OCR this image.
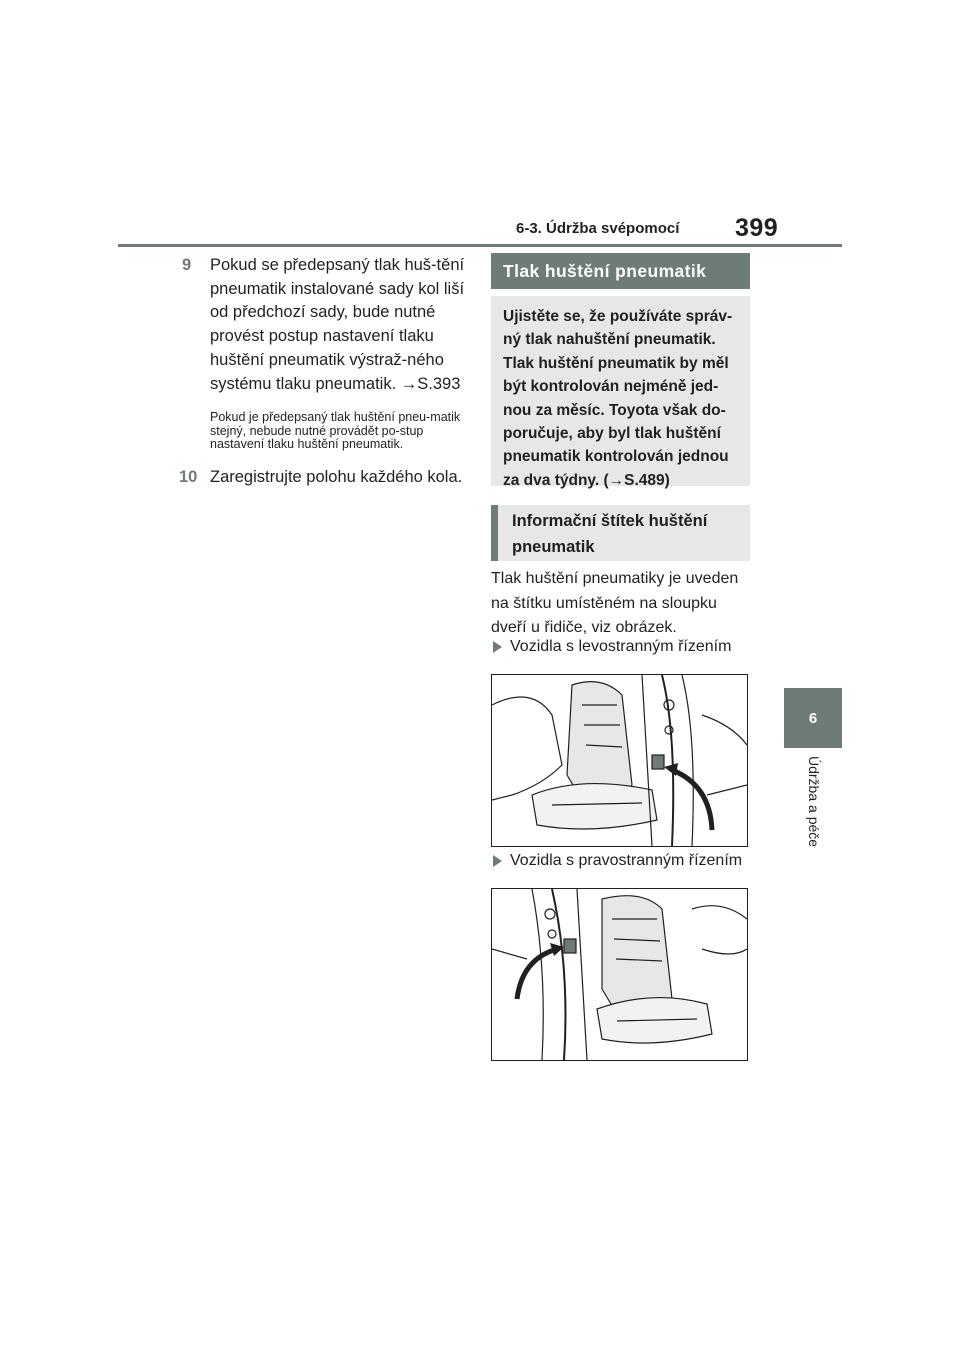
6-3. Údržba svépomocí 399
6
Údržba a péče
9 Pokud se předepsaný tlak huš-tění pneumatik instalované sady kol liší od předchozí sady, bude nutné provést postup nastavení tlaku huštění pneumatik výstraž-ného systému tlaku pneumatik. →S.393
Pokud je předepsaný tlak huštění pneu-matik stejný, nebude nutné provádět po-stup nastavení tlaku huštění pneumatik.
10 Zaregistrujte polohu každého kola.
Tlak huštění pneumatik
Ujistěte se, že používáte správ-ný tlak nahuštění pneumatik. Tlak huštění pneumatik by měl být kontrolován nejméně jed-nou za měsíc. Toyota však do-poručuje, aby byl tlak huštění pneumatik kontrolován jednou za dva týdny. (→S.489)
Informační štítek huštění pneumatik
Tlak huštění pneumatiky je uveden na štítku umístěném na sloupku dveří u řidiče, viz obrázek.
Vozidla s levostranným řízením
Vozidla s pravostranným řízením
